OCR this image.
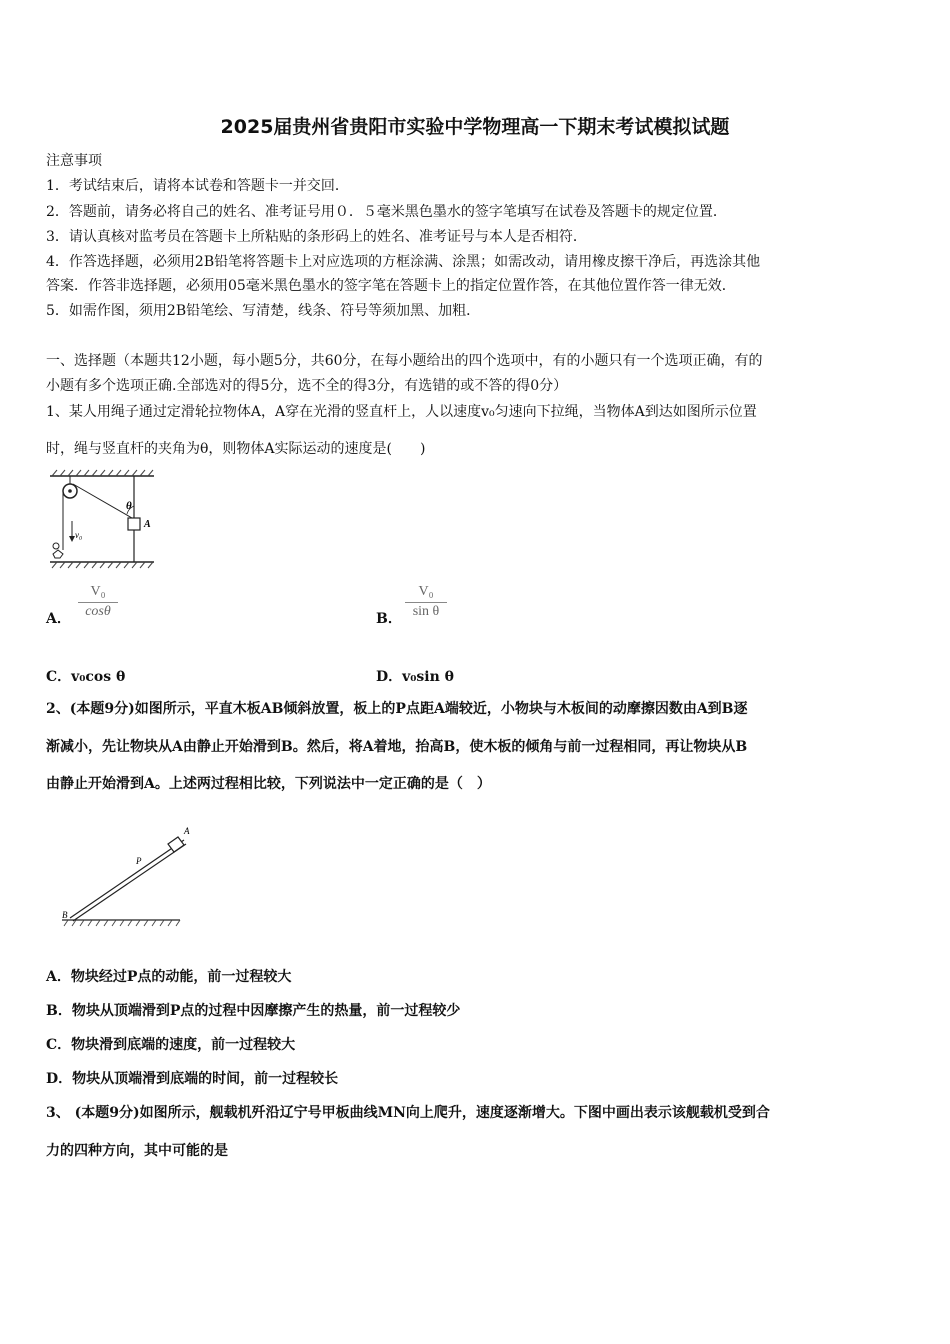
2025届贵州省贵阳市实验中学物理高一下期末考试模拟试题
注意事项
1．考试结束后，请将本试卷和答题卡一并交回．
2．答题前，请务必将自己的姓名、准考证号用０．５毫米黑色墨水的签字笔填写在试卷及答题卡的规定位置．
3．请认真核对监考员在答题卡上所粘贴的条形码上的姓名、准考证号与本人是否相符．
4．作答选择题，必须用2B铅笔将答题卡上对应选项的方框涂满、涂黑；如需改动，请用橡皮擦干净后，再选涂其他
答案．作答非选择题，必须用05毫米黑色墨水的签字笔在答题卡上的指定位置作答，在其他位置作答一律无效．
5．如需作图，须用2B铅笔绘、写清楚，线条、符号等须加黑、加粗．
一、选择题（本题共12小题，每小题5分，共60分，在每小题给出的四个选项中，有的小题只有一个选项正确，有的
小题有多个选项正确.全部选对的得5分，选不全的得3分，有选错的或不答的得0分）
1、某人用绳子通过定滑轮拉物体A，A穿在光滑的竖直杆上，人以速度v₀匀速向下拉绳，当物体A到达如图所示位置
时，绳与竖直杆的夹角为θ，则物体A实际运动的速度是(　　)
θ
A
v₀
A． $\frac{\text{V₀}}{\cos\theta}$	B． $\frac{\text{V₀}}{\text{sin θ}}$
C．v₀cos θ	D．v₀sin θ
2、(本题9分)如图所示，平直木板AB倾斜放置，板上的P点距A端较近，小物块与木板间的动摩擦因数由A到B逐
渐减小，先让物块从A由静止开始滑到B。然后，将A着地，抬高B，使木板的倾角与前一过程相同，再让物块从B
由静止开始滑到A。上述两过程相比较，下列说法中一定正确的是（　）
A
P
B
A．物块经过P点的动能，前一过程较大
B．物块从顶端滑到P点的过程中因摩擦产生的热量，前一过程较少
C．物块滑到底端的速度，前一过程较大
D．物块从顶端滑到底端的时间，前一过程较长
3、 (本题9分)如图所示，舰载机歼沿辽宁号甲板曲线MN向上爬升，速度逐渐增大。下图中画出表示该舰载机受到合
力的四种方向，其中可能的是
